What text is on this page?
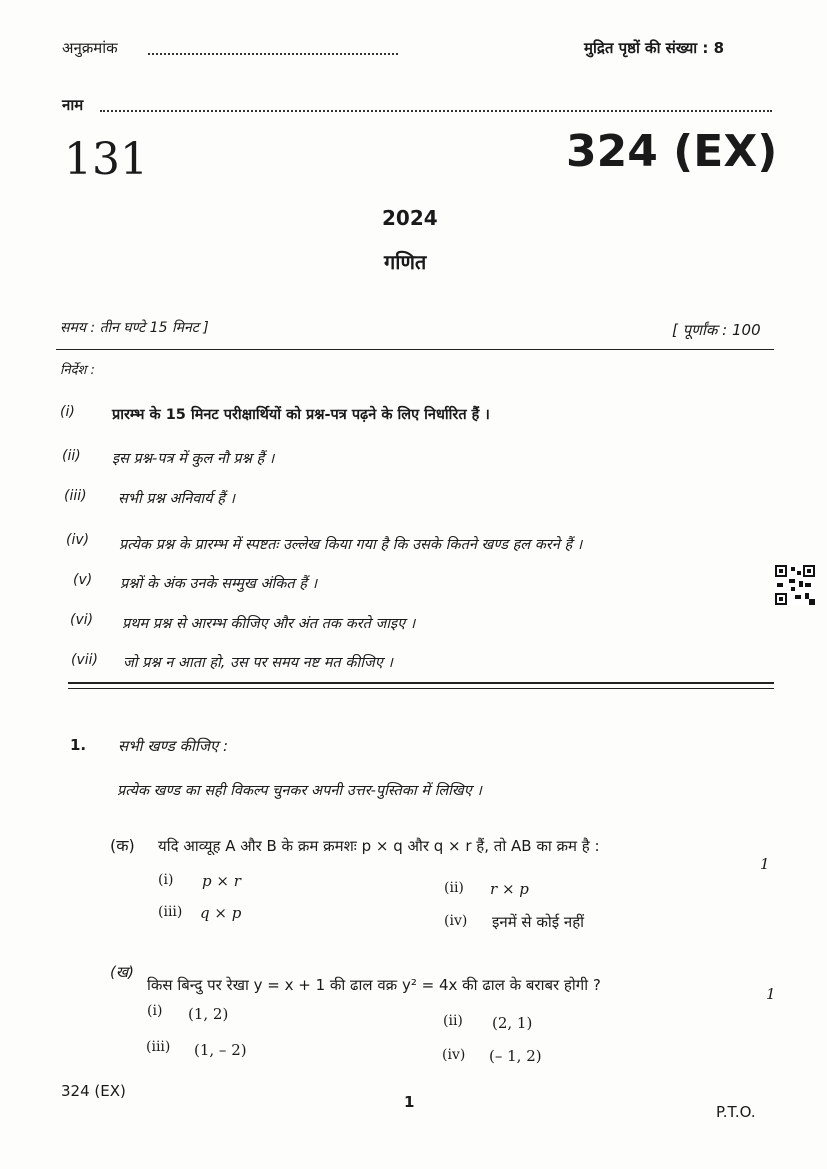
अनुक्रमांक	मुद्रित पृष्ठों की संख्या : 8
नाम
131	324 (EX)
2024
गणित
समय : तीन घण्टे 15 मिनट ]	[ पूर्णांक : 100
निर्देश :
(i)	प्रारम्भ के 15 मिनट परीक्षार्थियों को प्रश्न-पत्र पढ़ने के लिए निर्धारित हैं ।
(ii) इस प्रश्न-पत्र में कुल नौ प्रश्न हैं ।
(iii) सभी प्रश्न अनिवार्य हैं ।
(iv) प्रत्येक प्रश्न के प्रारम्भ में स्पष्टतः उल्लेख किया गया है कि उसके कितने खण्ड हल करने हैं ।
(v) प्रश्नों के अंक उनके सम्मुख अंकित हैं ।
(vi) प्रथम प्रश्न से आरम्भ कीजिए और अंत तक करते जाइए ।
(vii) जो प्रश्न न आता हो, उस पर समय नष्ट मत कीजिए ।
1. सभी खण्ड कीजिए :
प्रत्येक खण्ड का सही विकल्प चुनकर अपनी उत्तर-पुस्तिका में लिखिए ।
(क) यदि आव्यूह A और B के क्रम क्रमशः p × q और q × r हैं, तो AB का क्रम है :
1
(i) p × r	(ii) r × p
(iii) q × p	(iv) इनमें से कोई नहीं
(ख)
किस बिन्दु पर रेखा y = x + 1 की ढाल वक्र y² = 4x की ढाल के बराबर होगी ?	1
(i) (1, 2)	(ii) (2, 1)
(iii) (1, – 2)	(iv) (– 1, 2)
324 (EX)
1
P.T.O.
